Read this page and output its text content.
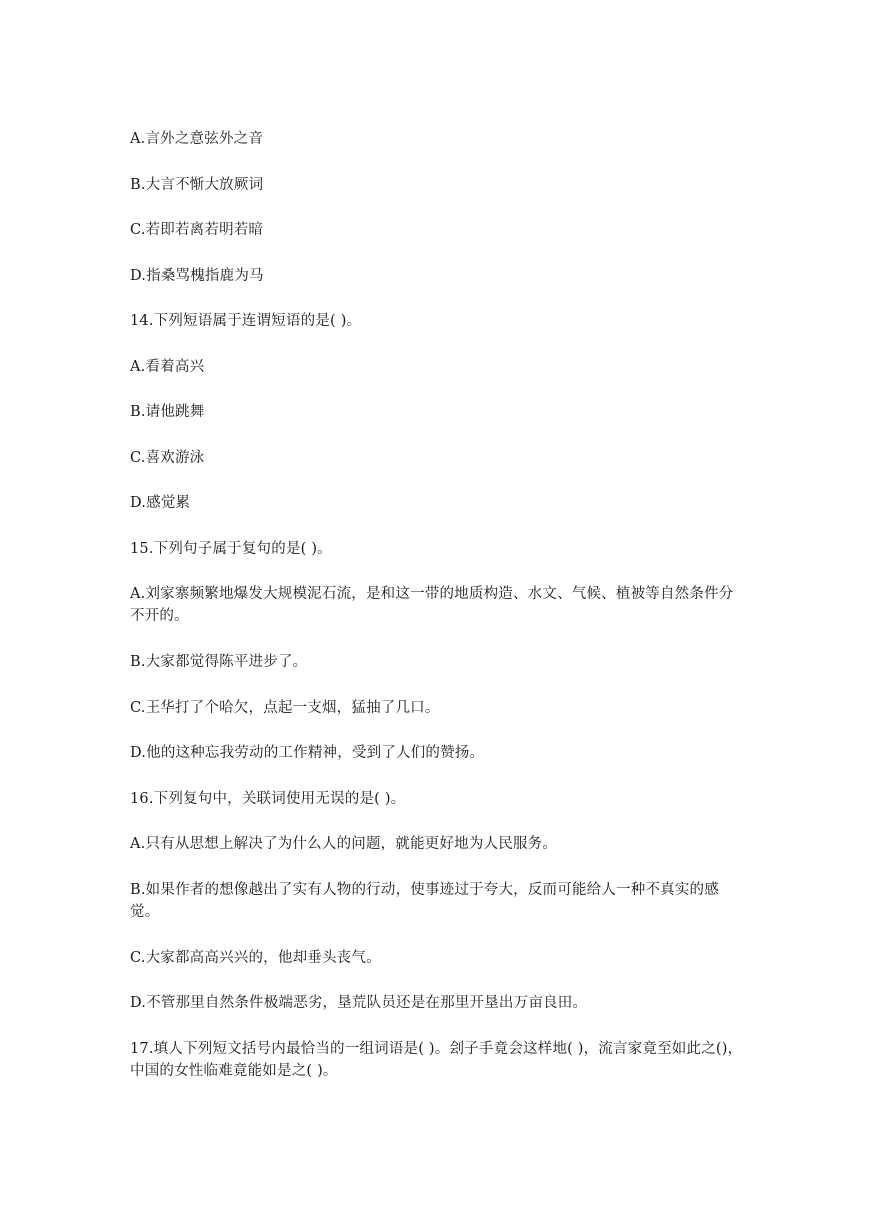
A.言外之意弦外之音
B.大言不惭大放厥词
C.若即若离若明若暗
D.指桑骂槐指鹿为马
14.下列短语属于连谓短语的是( )。
A.看着高兴
B.请他跳舞
C.喜欢游泳
D.感觉累
15.下列句子属于复句的是( )。
A.刘家寨频繁地爆发大规模泥石流，是和这一带的地质构造、水文、气候、植被等自然条件分不开的。
B.大家都觉得陈平进步了。
C.王华打了个哈欠，点起一支烟，猛抽了几口。
D.他的这种忘我劳动的工作精神，受到了人们的赞扬。
16.下列复句中，关联词使用无误的是( )。
A.只有从思想上解决了为什么人的问题，就能更好地为人民服务。
B.如果作者的想像越出了实有人物的行动，使事迹过于夸大，反而可能给人一种不真实的感觉。
C.大家都高高兴兴的，他却垂头丧气。
D.不管那里自然条件极端恶劣，垦荒队员还是在那里开垦出万亩良田。
17.填人下列短文括号内最恰当的一组词语是( )。刽子手竟会这样地( )，流言家竟至如此之()，中国的女性临难竟能如是之( )。
